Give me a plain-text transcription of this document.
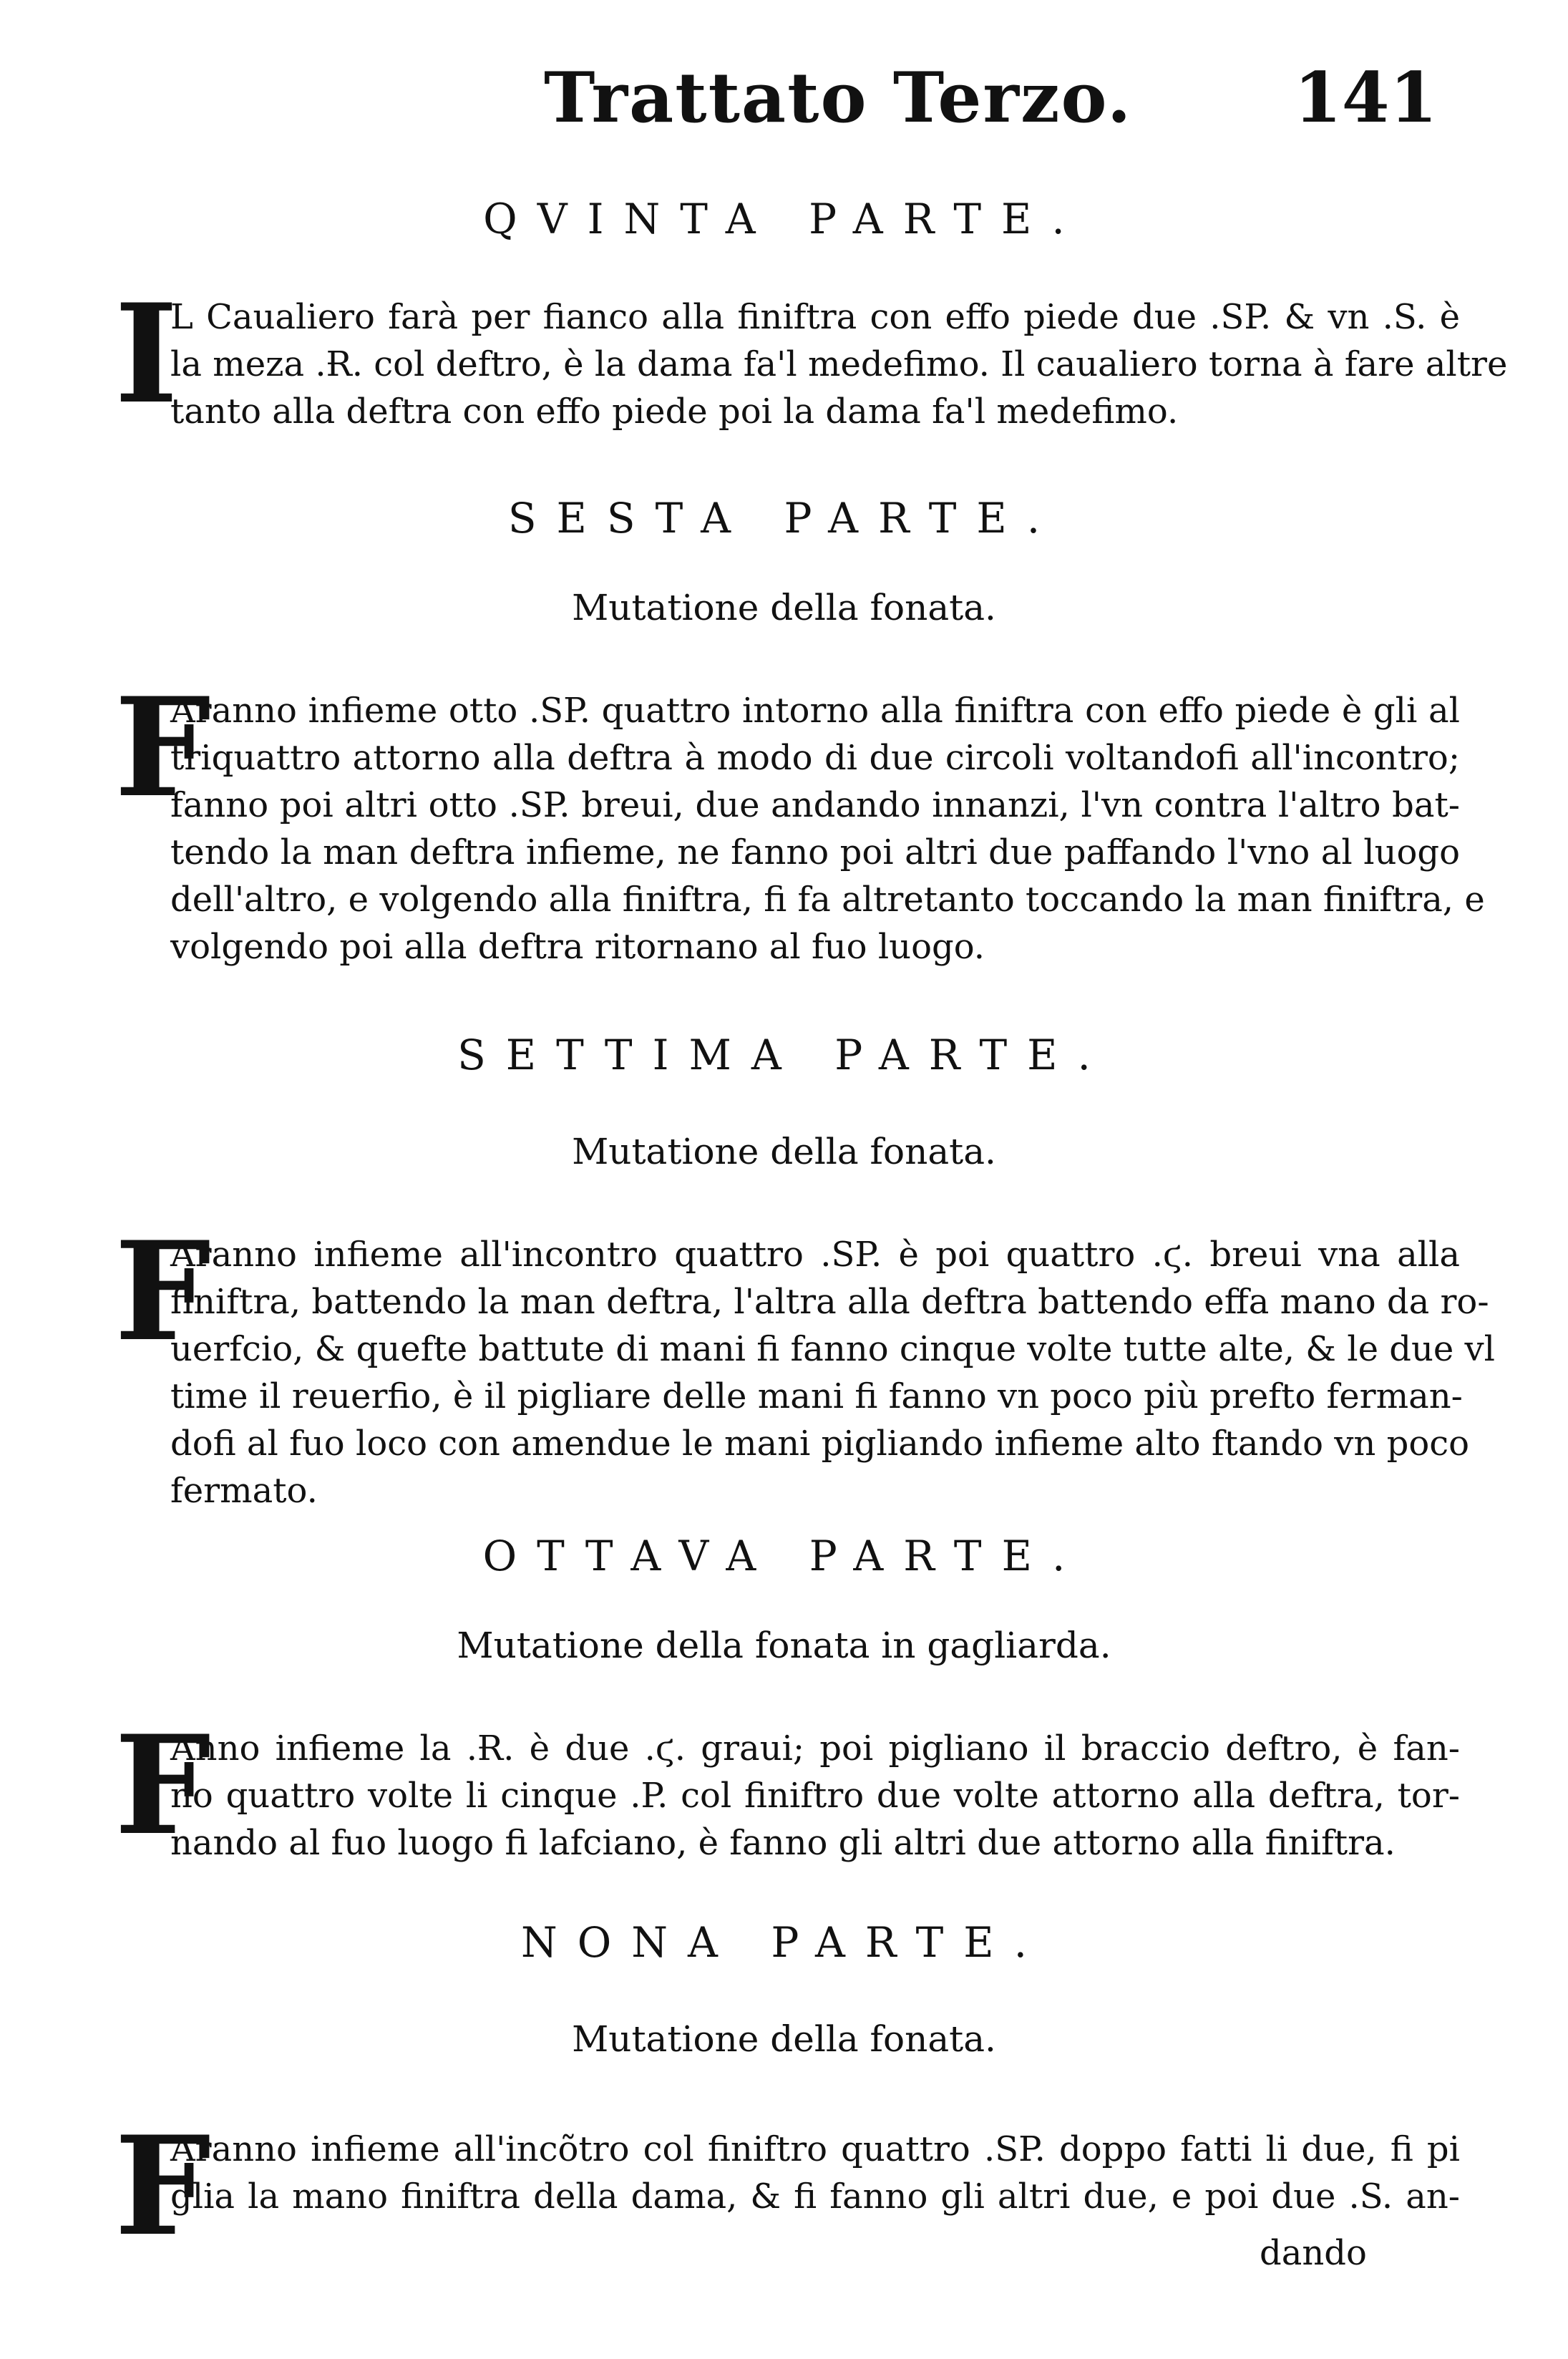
Trattato Terzo. 141
QVINTA PARTE.
I
L Caualiero farà per fianco alla finiftra con effo piede due .SP. & vn .S. è
la meza .Ɍ. col deftro, è la dama fa'l medefimo. Il caualiero torna à fare altre
tanto alla deftra con effo piede poi la dama fa'l medefimo.
SESTA PARTE.
Mutatione della fonata.
F
Aranno infieme otto .SP. quattro intorno alla finiftra con effo piede è gli al
triquattro attorno alla deftra à modo di due circoli voltandofi all'incontro;
fanno poi altri otto .SP. breui, due andando innanzi, l'vn contra l'altro bat-
tendo la man deftra infieme, ne fanno poi altri due paffando l'vno al luogo
dell'altro, e volgendo alla finiftra, fi fa altretanto toccando la man finiftra, e
volgendo poi alla deftra ritornano al fuo luogo.
SETTIMA PARTE.
Mutatione della fonata.
F
Aranno infieme all'incontro quattro .SP. è poi quattro .ϛ. breui vna alla
finiftra, battendo la man deftra, l'altra alla deftra battendo effa mano da ro-
uerfcio, & quefte battute di mani fi fanno cinque volte tutte alte, & le due vl
time il reuerfio, è il pigliare delle mani fi fanno vn poco più prefto ferman-
dofi al fuo loco con amendue le mani pigliando infieme alto ftando vn poco
fermato.
OTTAVA PARTE.
Mutatione della fonata in gagliarda.
F
Anno infieme la .Ɍ. è due .ϛ. graui; poi pigliano il braccio deftro, è fan-
no quattro volte li cinque .P. col finiftro due volte attorno alla deftra, tor-
nando al fuo luogo fi lafciano, è fanno gli altri due attorno alla finiftra.
NONA PARTE.
Mutatione della fonata.
F
Aranno infieme all'incõtro col finiftro quattro .SP. doppo fatti li due, fi pi
glia la mano finiftra della dama, & fi fanno gli altri due, e poi due .S. an-
dando
